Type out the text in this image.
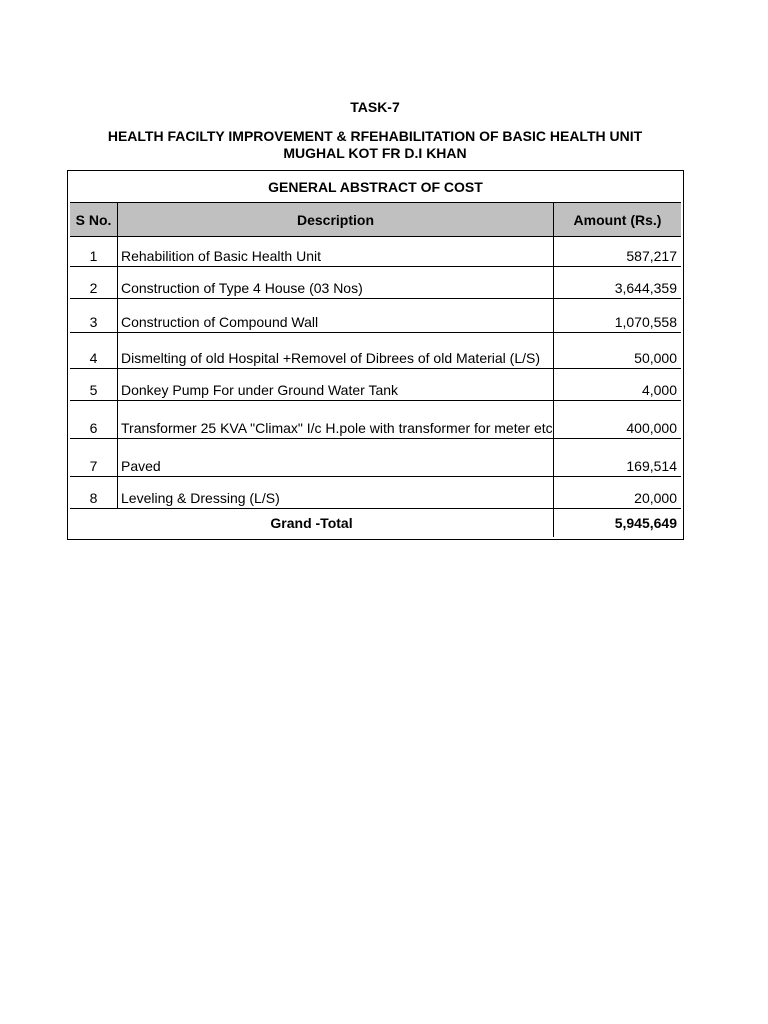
TASK-7
HEALTH FACILTY IMPROVEMENT & RFEHABILITATION OF BASIC HEALTH UNIT
MUGHAL KOT FR D.I KHAN
GENERAL ABSTRACT OF COST
S No.	Description	Amount (Rs.)
1	Rehabilition of Basic Health Unit	587,217
2	Construction of Type 4 House (03 Nos)	3,644,359
3	Construction of Compound Wall	1,070,558
4	Dismelting of old Hospital +Removel of Dibrees of old Material (L/S)	50,000
5	Donkey Pump For under Ground Water Tank	4,000
6	Transformer 25 KVA "Climax" I/c H.pole with transformer for meter etc	400,000
7	Paved	169,514
8	Leveling & Dressing (L/S)	20,000
Grand -Total	5,945,649
